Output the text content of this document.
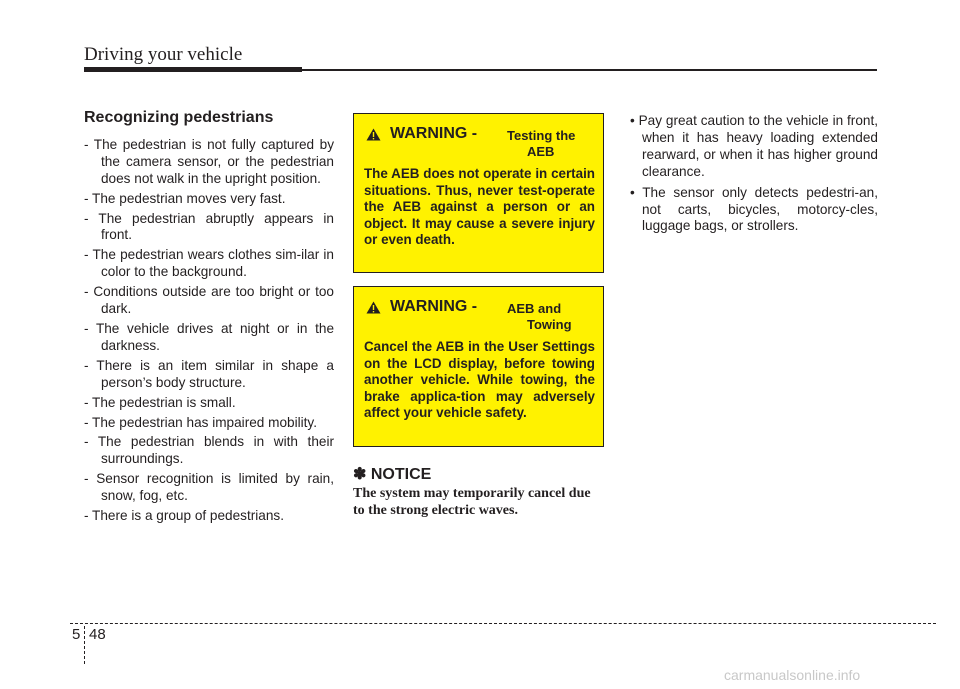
Driving your vehicle
Recognizing pedestrians
- The pedestrian is not fully captured by the camera sensor, or the pedestrian does not walk in the upright position.
- The pedestrian moves very fast.
- The pedestrian abruptly appears in front.
- The pedestrian wears clothes sim-ilar in color to the background.
- Conditions outside are too bright or too dark.
- The vehicle drives at night or in the darkness.
- There is an item similar in shape a person’s body structure.
- The pedestrian is small.
- The pedestrian has impaired mobility.
- The pedestrian blends in with their surroundings.
- Sensor recognition is limited by rain, snow, fog, etc.
- There is a group of pedestrians.
WARNING - Testing the
AEB
The AEB does not operate in certain situations. Thus, never test-operate the AEB against a person or an object. It may cause a severe injury or even death.
WARNING - AEB and
Towing
Cancel the AEB in the User Settings on the LCD display, before towing another vehicle. While towing, the brake applica-tion may adversely affect your vehicle safety.
✽ NOTICE
The system may temporarily cancel due to the strong electric waves.
• Pay great caution to the vehicle in front, when it has heavy loading extended rearward, or when it has higher ground clearance.
• The sensor only detects pedestri-an, not carts, bicycles, motorcy-cles, luggage bags, or strollers.
5 48
carmanualsonline.info
